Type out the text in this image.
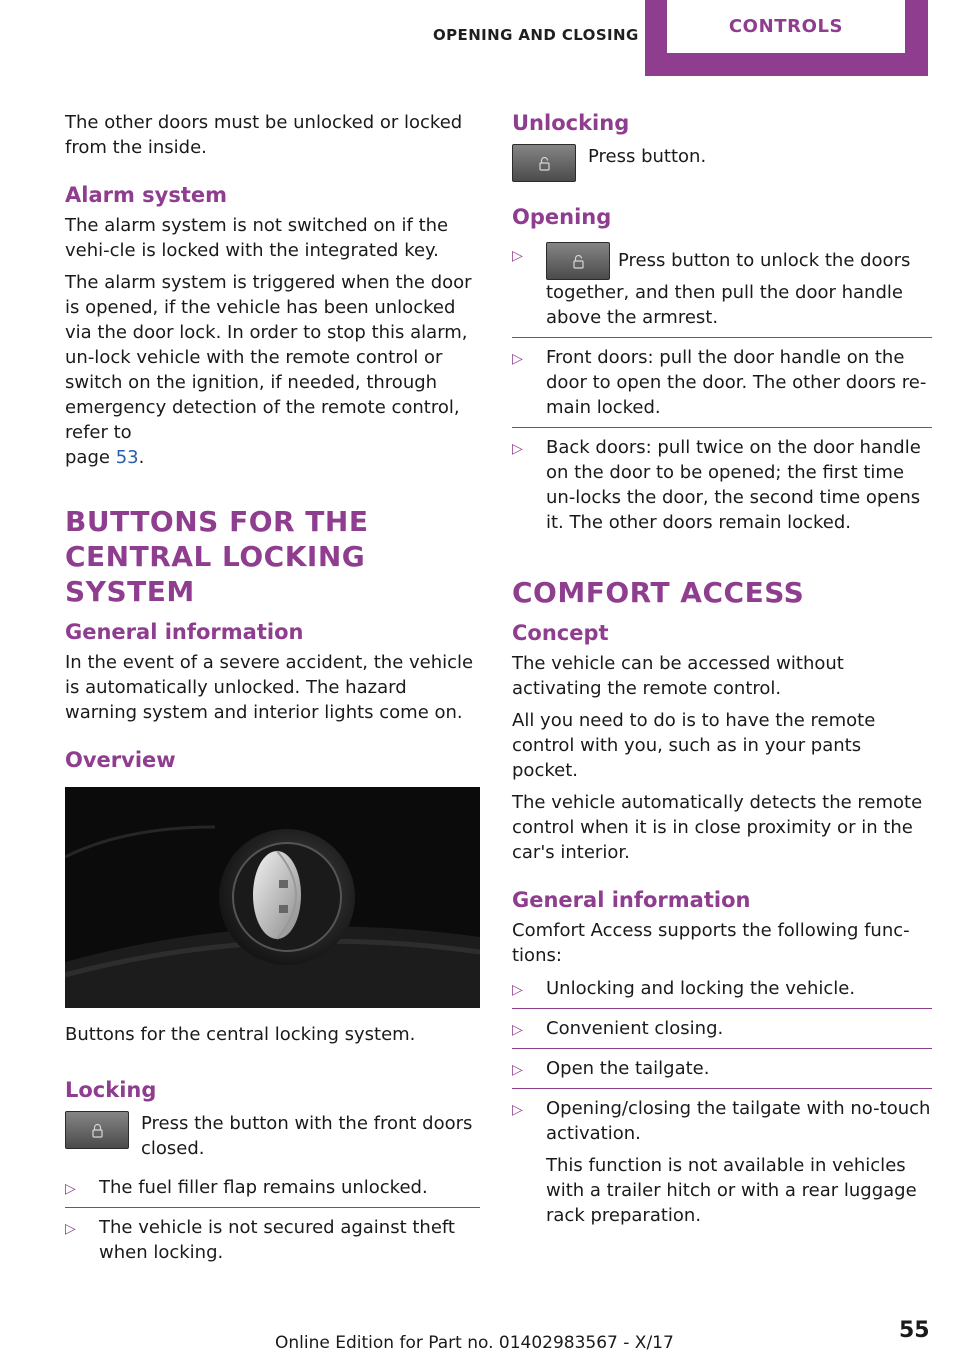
OPENING AND CLOSING	CONTROLS

The other doors must be unlocked or locked from the inside.

Alarm system

The alarm system is not switched on if the vehi-cle is locked with the integrated key.

The alarm system is triggered when the door is opened, if the vehicle has been unlocked via the door lock. In order to stop this alarm, un-lock vehicle with the remote control or switch on the ignition, if needed, through emergency detection of the remote control, refer to
page 53.

BUTTONS FOR THE CENTRAL LOCKING SYSTEM
General information

In the event of a severe accident, the vehicle is automatically unlocked. The hazard warning system and interior lights come on.

Overview

Buttons for the central locking system.

Locking

Press the button with the front doors closed.

▷ The fuel filler flap remains unlocked.
▷ The vehicle is not secured against theft when locking.
Unlocking

Press button.

Opening
▷	Press button to unlock the doors together, and then pull the door handle above the armrest.
▷ Front doors: pull the door handle on the door to open the door. The other doors re-main locked.
▷ Back doors: pull twice on the door handle on the door to be opened; the first time un-locks the door, the second time opens it. The other doors remain locked.
COMFORT ACCESS
Concept

The vehicle can be accessed without activating the remote control.

All you need to do is to have the remote control with you, such as in your pants pocket.

The vehicle automatically detects the remote control when it is in close proximity or in the car's interior.

General information

Comfort Access supports the following func-tions:

▷ Unlocking and locking the vehicle.
▷ Convenient closing.
▷ Open the tailgate.
▷ Opening/closing the tailgate with no-touch activation.

This function is not available in vehicles with a trailer hitch or with a rear luggage rack preparation.

Online Edition for Part no. 01402983567 - X/17	55
